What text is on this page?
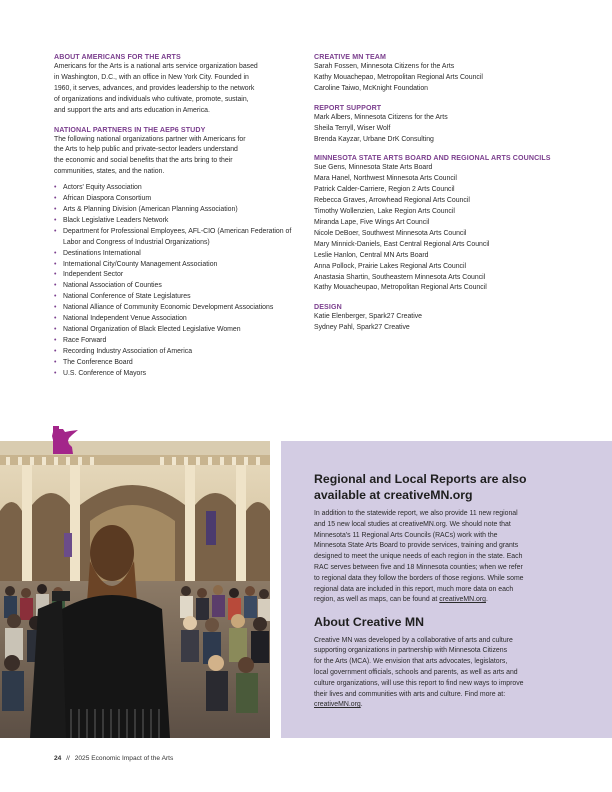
ABOUT AMERICANS FOR THE ARTS
Americans for the Arts is a national arts service organization based
in Washington, D.C., with an office in New York City. Founded in
1960, it serves, advances, and provides leadership to the network
of organizations and individuals who cultivate, promote, sustain,
and support the arts and arts education in America.
NATIONAL PARTNERS IN THE AEP6 STUDY
The following national organizations partner with Americans for
the Arts to help public and private-sector leaders understand
the economic and social benefits that the arts bring to their
communities, states, and the nation.
• Actors' Equity Association
• African Diaspora Consortium
• Arts & Planning Division (American Planning Association)
• Black Legislative Leaders Network
• Department for Professional Employees, AFL-CIO (American Federation of Labor and Congress of Industrial Organizations)
• Destinations International
• International City/County Management Association
• Independent Sector
• National Association of Counties
• National Conference of State Legislatures
• National Alliance of Community Economic Development Associations
• National Independent Venue Association
• National Organization of Black Elected Legislative Women
• Race Forward
• Recording Industry Association of America
• The Conference Board
• U.S. Conference of Mayors
CREATIVE MN TEAM
Sarah Fossen, Minnesota Citizens for the Arts
Kathy Mouachepao, Metropolitan Regional Arts Council
Caroline Taiwo, McKnight Foundation
REPORT SUPPORT
Mark Albers, Minnesota Citizens for the Arts
Sheila Terryll, Wiser Wolf
Brenda Kayzar, Urbane DrK Consulting
MINNESOTA STATE ARTS BOARD AND REGIONAL ARTS COUNCILS
Sue Gens, Minnesota State Arts Board
Mara Hanel, Northwest Minnesota Arts Council
Patrick Calder-Carriere, Region 2 Arts Council
Rebecca Graves, Arrowhead Regional Arts Council
Timothy Wollenzien, Lake Region Arts Council
Miranda Lape, Five Wings Art Council
Nicole DeBoer, Southwest Minnesota Arts Council
Mary Minnick-Daniels, East Central Regional Arts Council
Leslie Hanlon, Central MN Arts Board
Anna Pollock, Prairie Lakes Regional Arts Council
Anastasia Shartin, Southeastern Minnesota Arts Council
Kathy Mouacheupao, Metropolitan Regional Arts Council
DESIGN
Katie Elenberger, Spark27 Creative
Sydney Pahl, Spark27 Creative
Regional and Local Reports are also
available at creativeMN.org
In addition to the statewide report, we also provide 11 new regional
and 15 new local studies at creativeMN.org. We should note that
Minnesota's 11 Regional Arts Councils (RACs) work with the
Minnesota State Arts Board to provide services, training and grants
designed to meet the unique needs of each region in the state. Each
RAC serves between five and 18 Minnesota counties; when we refer
to regional data they follow the borders of those regions. While some
regional data are included in this report, much more data on each
region, as well as maps, can be found at creativeMN.org.
About Creative MN
Creative MN was developed by a collaborative of arts and culture
supporting organizations in partnership with Minnesota Citizens
for the Arts (MCA). We envision that arts advocates, legislators,
local government officials, schools and parents, as well as arts and
culture organizations, will use this report to find new ways to improve
their lives and communities with arts and culture. Find more at:
creativeMN.org.
24 // 2025 Economic Impact of the Arts
